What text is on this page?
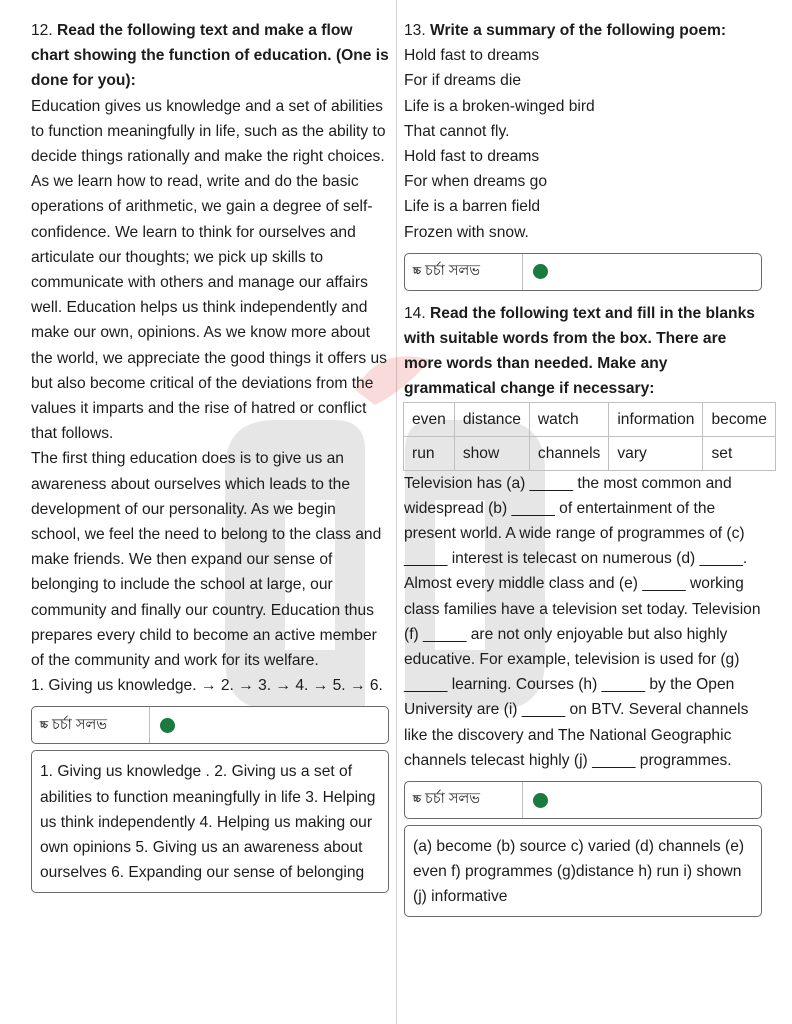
12. Read the following text and make a flow chart showing the function of education. (One is done for you):

Education gives us knowledge and a set of abilities to function meaningfully in life, such as the ability to decide things rationally and make the right choices. As we learn how to read, write and do the basic operations of arithmetic, we gain a degree of self-confidence. We learn to think for ourselves and articulate our thoughts; we pick up skills to communicate with others and manage our affairs well. Education helps us think independently and make our own, opinions. As we know more about the world, we appreciate the good things it offers us but also become critical of the deviations from the values it imparts and the rise of hatred or conflict that follows.

The first thing education does is to give us an awareness about ourselves which leads to the development of our personality. As we begin school, we feel the need to belong to the class and make friends. We then expand our sense of belonging to include the school at large, our community and finally our country. Education thus prepares every child to become an active member of the community and work for its welfare.

1. Giving us knowledge. → 2. → 3. → 4. → 5. → 6.
চ্চ চর্চা সলভ
1. Giving us knowledge . 2. Giving us a set of abilities to function meaningfully in life 3. Helping us think independently 4. Helping us making our own opinions 5. Giving us an awareness about ourselves 6. Expanding our sense of belonging
13. Write a summary of the following poem:
Hold fast to dreams
For if dreams die
Life is a broken-winged bird
That cannot fly.
Hold fast to dreams
For when dreams go
Life is a barren field
Frozen with snow.
চ্চ চর্চা সলভ
14. Read the following text and fill in the blanks with suitable words from the box. There are more words than needed. Make any grammatical change if necessary:
even	distance	watch	information	become
run	show	channels	vary	set

Television has (a) _____ the most common and widespread (b) _____ of entertainment of the present world. A wide range of programmes of (c) _____ interest is telecast on numerous (d) _____. Almost every middle class and (e) _____ working class families have a television set today. Television (f) _____ are not only enjoyable but also highly educative. For example, television is used for (g) _____ learning. Courses (h) _____ by the Open University are (i) _____ on BTV. Several channels like the discovery and The National Geographic channels telecast highly (j) _____ programmes.

চ্চ চর্চা সলভ
(a) become (b) source c) varied (d) channels (e) even f) programmes (g)distance h) run i) shown (j) informative
